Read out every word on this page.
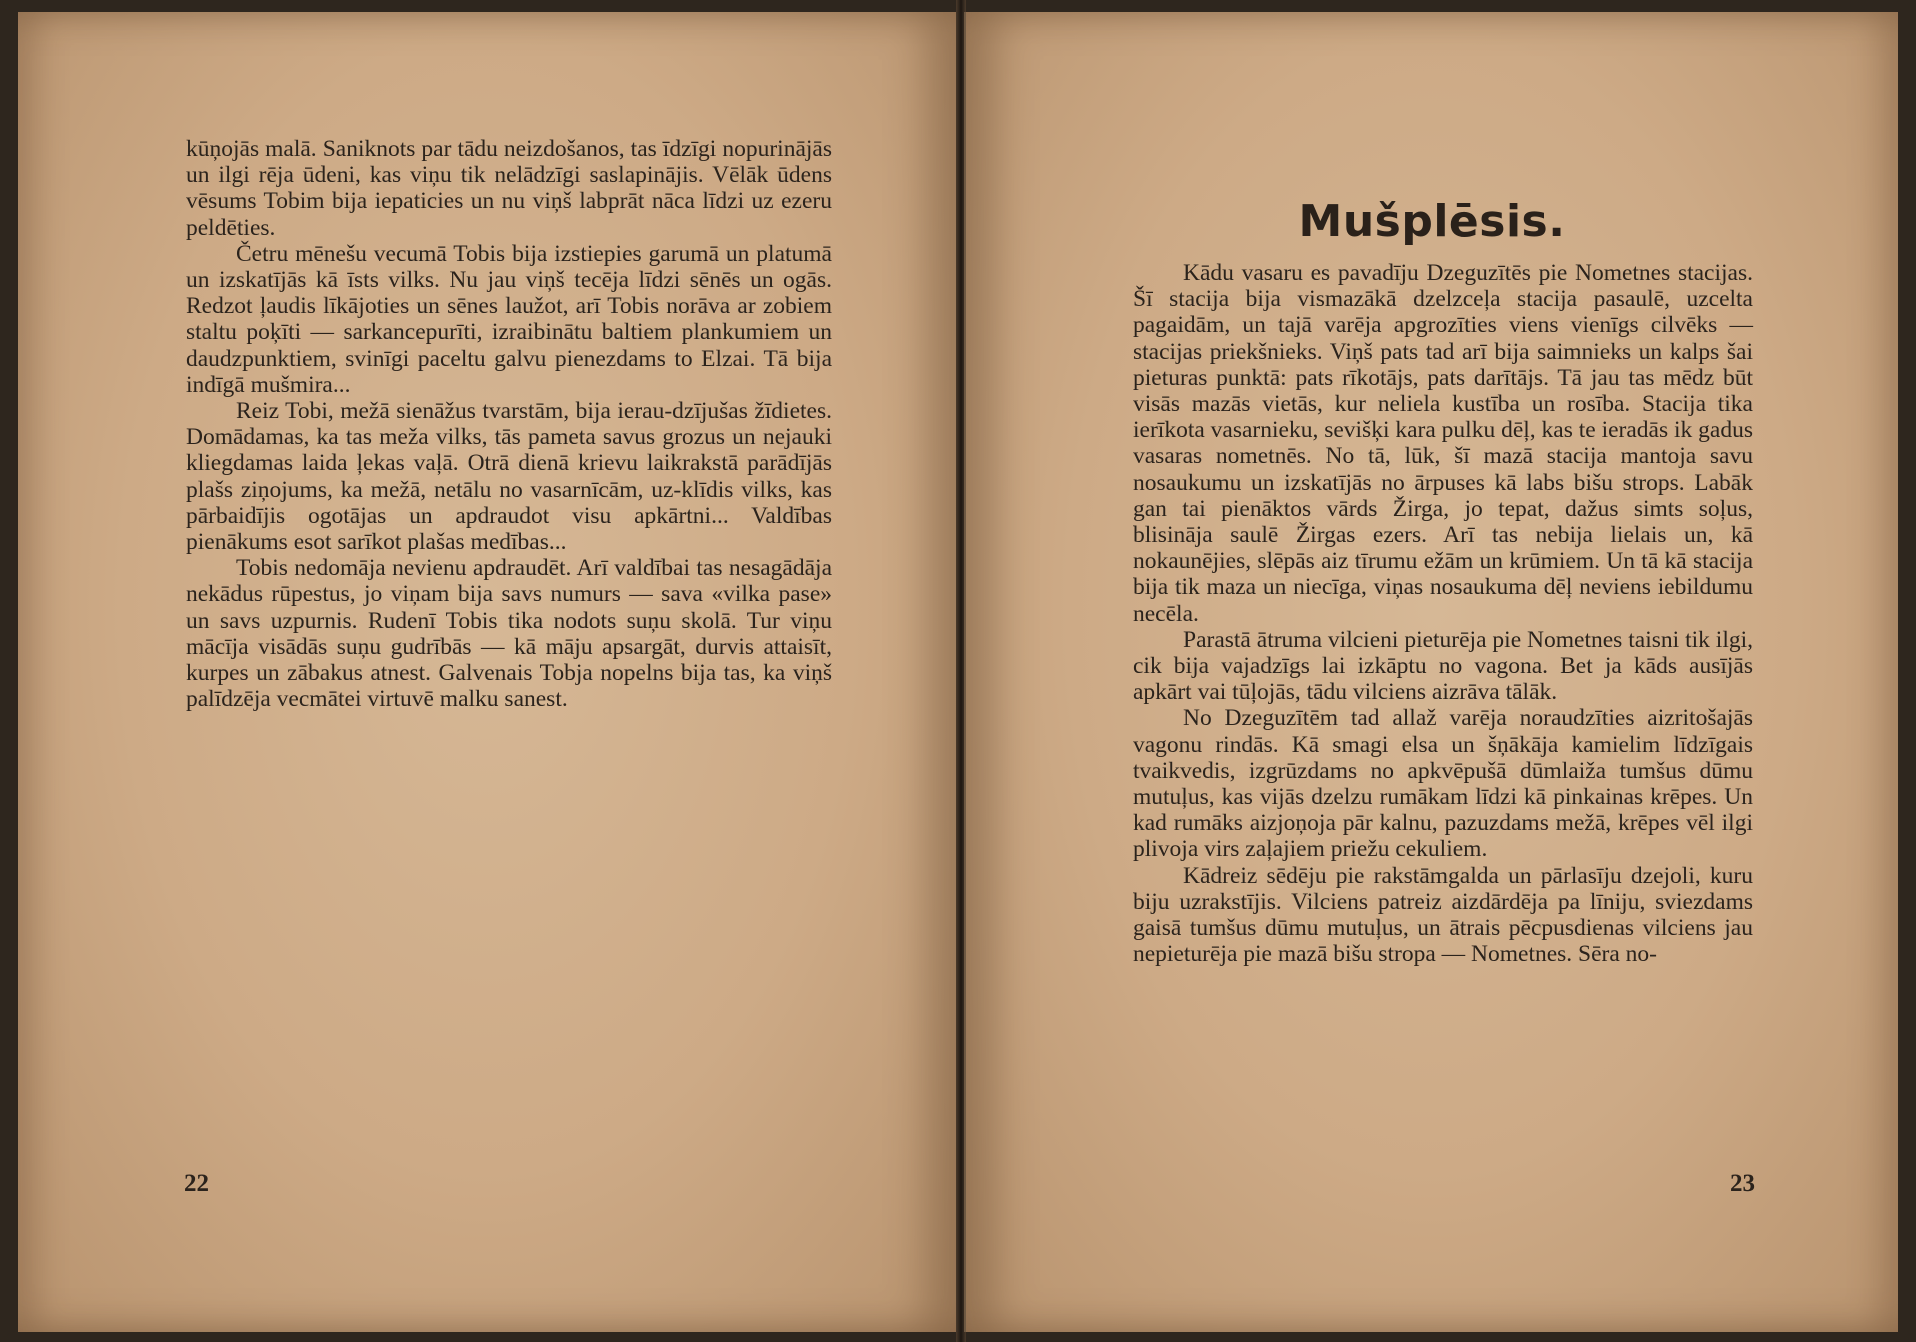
kūņojās malā. Saniknots par tādu neizdošanos, tas īdzīgi nopurinājās un ilgi rēja ūdeni, kas viņu tik nelādzīgi saslapinājis. Vēlāk ūdens vēsums Tobim bija iepaticies un nu viņš labprāt nāca līdzi uz ezeru peldēties.

Četru mēnešu vecumā Tobis bija izstiepies garumā un platumā un izskatījās kā īsts vilks. Nu jau viņš tecēja līdzi sēnēs un ogās. Redzot ļaudis līkājoties un sēnes laužot, arī Tobis norāva ar zobiem staltu poķīti — sarkancepurīti, izraibinātu baltiem plankumiem un daudzpunktiem, svinīgi paceltu galvu pienezdams to Elzai. Tā bija indīgā mušmira...

Reiz Tobi, mežā sienāžus tvarstām, bija ierau-dzījušas žīdietes. Domādamas, ka tas meža vilks, tās pameta savus grozus un nejauki kliegdamas laida ļekas vaļā. Otrā dienā krievu laikrakstā parādījās plašs ziņojums, ka mežā, netālu no vasarnīcām, uz-klīdis vilks, kas pārbaidījis ogotājas un apdraudot visu apkārtni... Valdības pienākums esot sarīkot plašas medības...

Tobis nedomāja nevienu apdraudēt. Arī valdībai tas nesagādāja nekādus rūpestus, jo viņam bija savs numurs — sava «vilka pase» un savs uzpurnis. Rudenī Tobis tika nodots suņu skolā. Tur viņu mācīja visādās suņu gudrībās — kā māju apsargāt, durvis attaisīt, kurpes un zābakus atnest. Galvenais Tobja nopelns bija tas, ka viņš palīdzēja vecmātei virtuvē malku sanest.

22
Mušplēsis.

Kādu vasaru es pavadīju Dzeguzītēs pie Nometnes stacijas. Šī stacija bija vismazākā dzelzceļa stacija pasaulē, uzcelta pagaidām, un tajā varēja apgrozīties viens vienīgs cilvēks — stacijas priekšnieks. Viņš pats tad arī bija saimnieks un kalps šai pieturas punktā: pats rīkotājs, pats darītājs. Tā jau tas mēdz būt visās mazās vietās, kur neliela kustība un rosība. Stacija tika ierīkota vasarnieku, sevišķi kara pulku dēļ, kas te ieradās ik gadus vasaras nometnēs. No tā, lūk, šī mazā stacija mantoja savu nosaukumu un izskatījās no ārpuses kā labs bišu strops. Labāk gan tai pienāktos vārds Žirga, jo tepat, dažus simts soļus, blisināja saulē Žirgas ezers. Arī tas nebija lielais un, kā nokaunējies, slēpās aiz tīrumu ežām un krūmiem. Un tā kā stacija bija tik maza un niecīga, viņas nosaukuma dēļ neviens iebildumu necēla.

Parastā ātruma vilcieni pieturēja pie Nometnes taisni tik ilgi, cik bija vajadzīgs lai izkāptu no vagona. Bet ja kāds ausījās apkārt vai tūļojās, tādu vilciens aizrāva tālāk.

No Dzeguzītēm tad allaž varēja noraudzīties aizritošajās vagonu rindās. Kā smagi elsa un šņākāja kamielim līdzīgais tvaikvedis, izgrūzdams no apkvēpušā dūmlaiža tumšus dūmu mutuļus, kas vijās dzelzu rumākam līdzi kā pinkainas krēpes. Un kad rumāks aizjoņoja pār kalnu, pazuzdams mežā, krēpes vēl ilgi plivoja virs zaļajiem priežu cekuliem.

Kādreiz sēdēju pie rakstāmgalda un pārlasīju dzejoli, kuru biju uzrakstījis. Vilciens patreiz aizdārdēja pa līniju, sviezdams gaisā tumšus dūmu mutuļus, un ātrais pēcpusdienas vilciens jau nepieturēja pie mazā bišu stropa — Nometnes. Sēra no-

23
